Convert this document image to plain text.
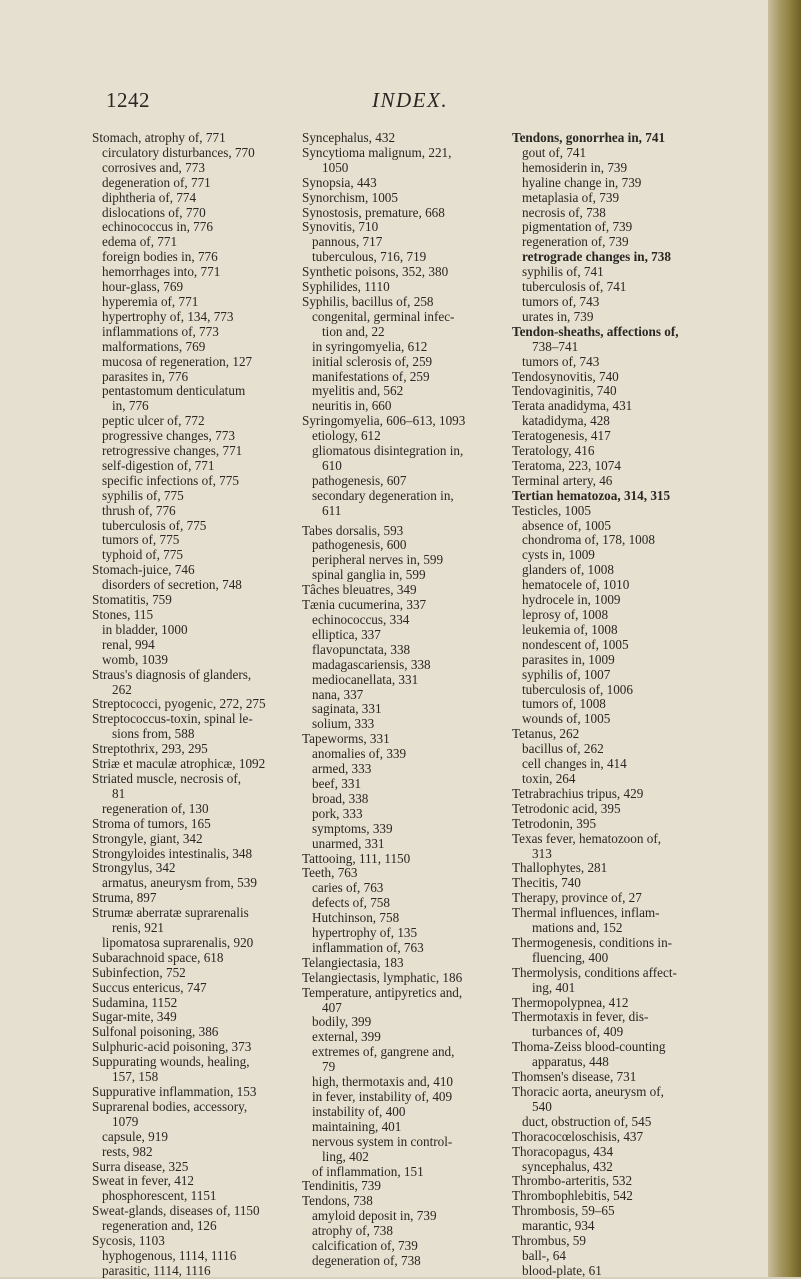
1242	INDEX.
Stomach, atrophy of, 771
circulatory disturbances, 770
corrosives and, 773
degeneration of, 771
diphtheria of, 774
dislocations of, 770
echinococcus in, 776
edema of, 771
foreign bodies in, 776
hemorrhages into, 771
hour-glass, 769
hyperemia of, 771
hypertrophy of, 134, 773
inflammations of, 773
malformations, 769
mucosa of regeneration, 127
parasites in, 776
pentastomum denticulatum
in, 776
peptic ulcer of, 772
progressive changes, 773
retrogressive changes, 771
self-digestion of, 771
specific infections of, 775
syphilis of, 775
thrush of, 776
tuberculosis of, 775
tumors of, 775
typhoid of, 775
Stomach-juice, 746
disorders of secretion, 748
Stomatitis, 759
Stones, 115
in bladder, 1000
renal, 994
womb, 1039
Straus's diagnosis of glanders,
262
Streptococci, pyogenic, 272, 275
Streptococcus-toxin, spinal le-
sions from, 588
Streptothrix, 293, 295
Striæ et maculæ atrophicæ, 1092
Striated muscle, necrosis of,
81
regeneration of, 130
Stroma of tumors, 165
Strongyle, giant, 342
Strongyloides intestinalis, 348
Strongylus, 342
armatus, aneurysm from, 539
Struma, 897
Strumæ aberratæ suprarenalis
renis, 921
lipomatosa suprarenalis, 920
Subarachnoid space, 618
Subinfection, 752
Succus entericus, 747
Sudamina, 1152
Sugar-mite, 349
Sulfonal poisoning, 386
Sulphuric-acid poisoning, 373
Suppurating wounds, healing,
157, 158
Suppurative inflammation, 153
Suprarenal bodies, accessory,
1079
capsule, 919
rests, 982
Surra disease, 325
Sweat in fever, 412
phosphorescent, 1151
Sweat-glands, diseases of, 1150
regeneration and, 126
Sycosis, 1103
hyphogenous, 1114, 1116
parasitic, 1114, 1116
Syncephalus, 432
Syncytioma malignum, 221,
1050
Synopsia, 443
Synorchism, 1005
Synostosis, premature, 668
Synovitis, 710
pannous, 717
tuberculous, 716, 719
Synthetic poisons, 352, 380
Syphilides, 1110
Syphilis, bacillus of, 258
congenital, germinal infec-
tion and, 22
in syringomyelia, 612
initial sclerosis of, 259
manifestations of, 259
myelitis and, 562
neuritis in, 660
Syringomyelia, 606–613, 1093
etiology, 612
gliomatous disintegration in,
610
pathogenesis, 607
secondary degeneration in,
611
Tabes dorsalis, 593
pathogenesis, 600
peripheral nerves in, 599
spinal ganglia in, 599
Tâches bleuatres, 349
Tænia cucumerina, 337
echinococcus, 334
elliptica, 337
flavopunctata, 338
madagascariensis, 338
mediocanellata, 331
nana, 337
saginata, 331
solium, 333
Tapeworms, 331
anomalies of, 339
armed, 333
beef, 331
broad, 338
pork, 333
symptoms, 339
unarmed, 331
Tattooing, 111, 1150
Teeth, 763
caries of, 763
defects of, 758
Hutchinson, 758
hypertrophy of, 135
inflammation of, 763
Telangiectasia, 183
Telangiectasis, lymphatic, 186
Temperature, antipyretics and,
407
bodily, 399
external, 399
extremes of, gangrene and,
79
high, thermotaxis and, 410
in fever, instability of, 409
instability of, 400
maintaining, 401
nervous system in control-
ling, 402
of inflammation, 151
Tendinitis, 739
Tendons, 738
amyloid deposit in, 739
atrophy of, 738
calcification of, 739
degeneration of, 738
Tendons, gonorrhea in, 741
gout of, 741
hemosiderin in, 739
hyaline change in, 739
metaplasia of, 739
necrosis of, 738
pigmentation of, 739
regeneration of, 739
retrograde changes in, 738
syphilis of, 741
tuberculosis of, 741
tumors of, 743
urates in, 739
Tendon-sheaths, affections of,
738–741
tumors of, 743
Tendosynovitis, 740
Tendovaginitis, 740
Terata anadidyma, 431
katadidyma, 428
Teratogenesis, 417
Teratology, 416
Teratoma, 223, 1074
Terminal artery, 46
Tertian hematozoa, 314, 315
Testicles, 1005
absence of, 1005
chondroma of, 178, 1008
cysts in, 1009
glanders of, 1008
hematocele of, 1010
hydrocele in, 1009
leprosy of, 1008
leukemia of, 1008
nondescent of, 1005
parasites in, 1009
syphilis of, 1007
tuberculosis of, 1006
tumors of, 1008
wounds of, 1005
Tetanus, 262
bacillus of, 262
cell changes in, 414
toxin, 264
Tetrabrachius tripus, 429
Tetrodonic acid, 395
Tetrodonin, 395
Texas fever, hematozoon of,
313
Thallophytes, 281
Thecitis, 740
Therapy, province of, 27
Thermal influences, inflam-
mations and, 152
Thermogenesis, conditions in-
fluencing, 400
Thermolysis, conditions affect-
ing, 401
Thermopolypnea, 412
Thermotaxis in fever, dis-
turbances of, 409
Thoma-Zeiss blood-counting
apparatus, 448
Thomsen's disease, 731
Thoracic aorta, aneurysm of,
540
duct, obstruction of, 545
Thoracocœloschisis, 437
Thoracopagus, 434
syncephalus, 432
Thrombo-arteritis, 532
Thrombophlebitis, 542
Thrombosis, 59–65
marantic, 934
Thrombus, 59
ball-, 64
blood-plate, 61
